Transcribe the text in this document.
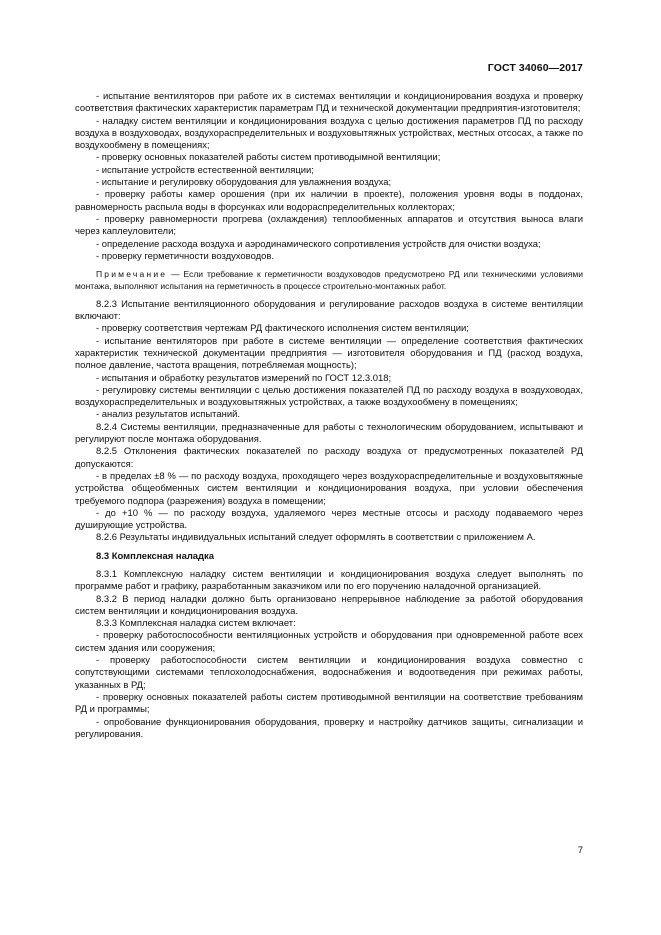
ГОСТ 34060—2017

- испытание вентиляторов при работе их в системах вентиляции и кондиционирования воздуха и проверку соответствия фактических характеристик параметрам ПД и технической документации предприятия-изготовителя;

- наладку систем вентиляции и кондиционирования воздуха с целью достижения параметров ПД по расходу воздуха в воздуховодах, воздухораспределительных и воздуховытяжных устройствах, местных отсосах, а также по воздухообмену в помещениях;

- проверку основных показателей работы систем противодымной вентиляции;

- испытание устройств естественной вентиляции;

- испытание и регулировку оборудования для увлажнения воздуха;

- проверку работы камер орошения (при их наличии в проекте), положения уровня воды в поддонах, равномерность распыла воды в форсунках или водораспределительных коллекторах;

- проверку равномерности прогрева (охлаждения) теплообменных аппаратов и отсутствия выноса влаги через каплеуловители;

- определение расхода воздуха и аэродинамического сопротивления устройств для очистки воздуха;

- проверку герметичности воздуховодов.

Примечание — Если требование к герметичности воздуховодов предусмотрено РД или техническими условиями монтажа, выполняют испытания на герметичность в процессе строительно-монтажных работ.

8.2.3 Испытание вентиляционного оборудования и регулирование расходов воздуха в системе вентиляции включают:

- проверку соответствия чертежам РД фактического исполнения систем вентиляции;

- испытание вентиляторов при работе в системе вентиляции — определение соответствия фактических характеристик технической документации предприятия — изготовителя оборудования и ПД (расход воздуха, полное давление, частота вращения, потребляемая мощность);

- испытания и обработку результатов измерений по ГОСТ 12.3.018;

- регулировку системы вентиляции с целью достижения показателей ПД по расходу воздуха в воздуховодах, воздухораспределительных и воздуховытяжных устройствах, а также воздухообмену в помещениях;

- анализ результатов испытаний.

8.2.4 Системы вентиляции, предназначенные для работы с технологическим оборудованием, испытывают и регулируют после монтажа оборудования.

8.2.5 Отклонения фактических показателей по расходу воздуха от предусмотренных показателей РД допускаются:

- в пределах ±8 % — по расходу воздуха, проходящего через воздухораспределительные и воздуховытяжные устройства общеобменных систем вентиляции и кондиционирования воздуха, при условии обеспечения требуемого подпора (разрежения) воздуха в помещении;

- до +10 % — по расходу воздуха, удаляемого через местные отсосы и расходу подаваемого через душирующие устройства.

8.2.6 Результаты индивидуальных испытаний следует оформлять в соответствии с приложением А.

8.3 Комплексная наладка

8.3.1 Комплексную наладку систем вентиляции и кондиционирования воздуха следует выполнять по программе работ и графику, разработанным заказчиком или по его поручению наладочной организацией.

8.3.2 В период наладки должно быть организовано непрерывное наблюдение за работой оборудования систем вентиляции и кондиционирования воздуха.

8.3.3 Комплексная наладка систем включает:

- проверку работоспособности вентиляционных устройств и оборудования при одновременной работе всех систем здания или сооружения;

- проверку работоспособности систем вентиляции и кондиционирования воздуха совместно с сопутствующими системами теплохолодоснабжения, водоснабжения и водоотведения при режимах работы, указанных в РД;

- проверку основных показателей работы систем противодымной вентиляции на соответствие требованиям РД и программы;

- опробование функционирования оборудования, проверку и настройку датчиков защиты, сигнализации и регулирования.

7
